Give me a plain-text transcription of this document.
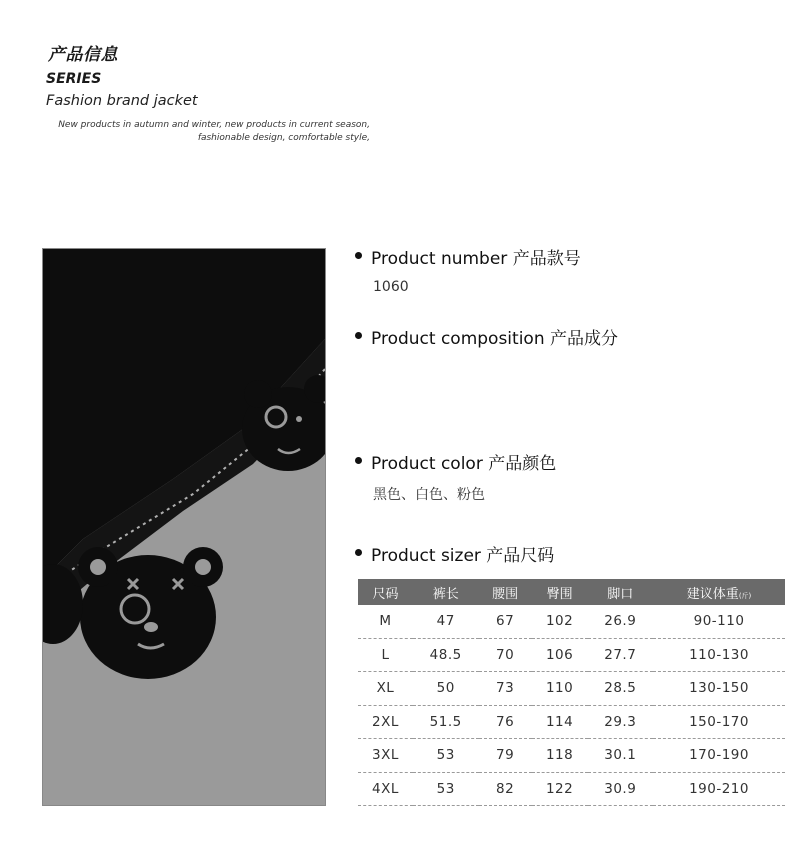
产品信息
SERIES
Fashion brand jacket
New products in autumn and winter, new products in current season,
fashionable design, comfortable style,
Product number 产品款号
1060
Product composition 产品成分
Product color 产品颜色
黑色、白色、粉色
Product sizer 产品尺码
尺码	裤长	腰围	臀围	脚口	建议体重(斤)
M	47	67	102	26.9	90-110
L	48.5	70	106	27.7	110-130
XL	50	73	110	28.5	130-150
2XL	51.5	76	114	29.3	150-170
3XL	53	79	118	30.1	170-190
4XL	53	82	122	30.9	190-210
